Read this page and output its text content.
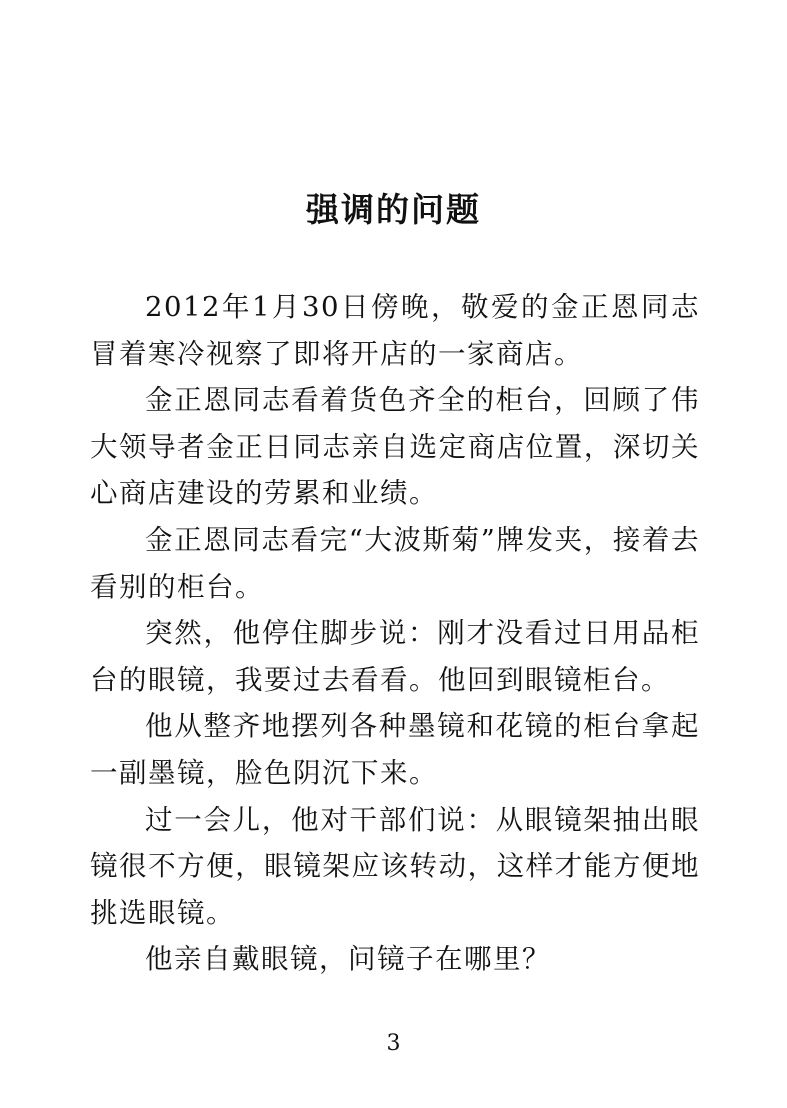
强调的问题

2012年1月30日傍晚，敬爱的金正恩同志冒着寒冷视察了即将开店的一家商店。

金正恩同志看着货色齐全的柜台，回顾了伟大领导者金正日同志亲自选定商店位置，深切关心商店建设的劳累和业绩。

金正恩同志看完“大波斯菊”牌发夹，接着去看别的柜台。

突然，他停住脚步说：刚才没看过日用品柜台的眼镜，我要过去看看。他回到眼镜柜台。

他从整齐地摆列各种墨镜和花镜的柜台拿起一副墨镜，脸色阴沉下来。

过一会儿，他对干部们说：从眼镜架抽出眼镜很不方便，眼镜架应该转动，这样才能方便地挑选眼镜。

他亲自戴眼镜，问镜子在哪里？

3
